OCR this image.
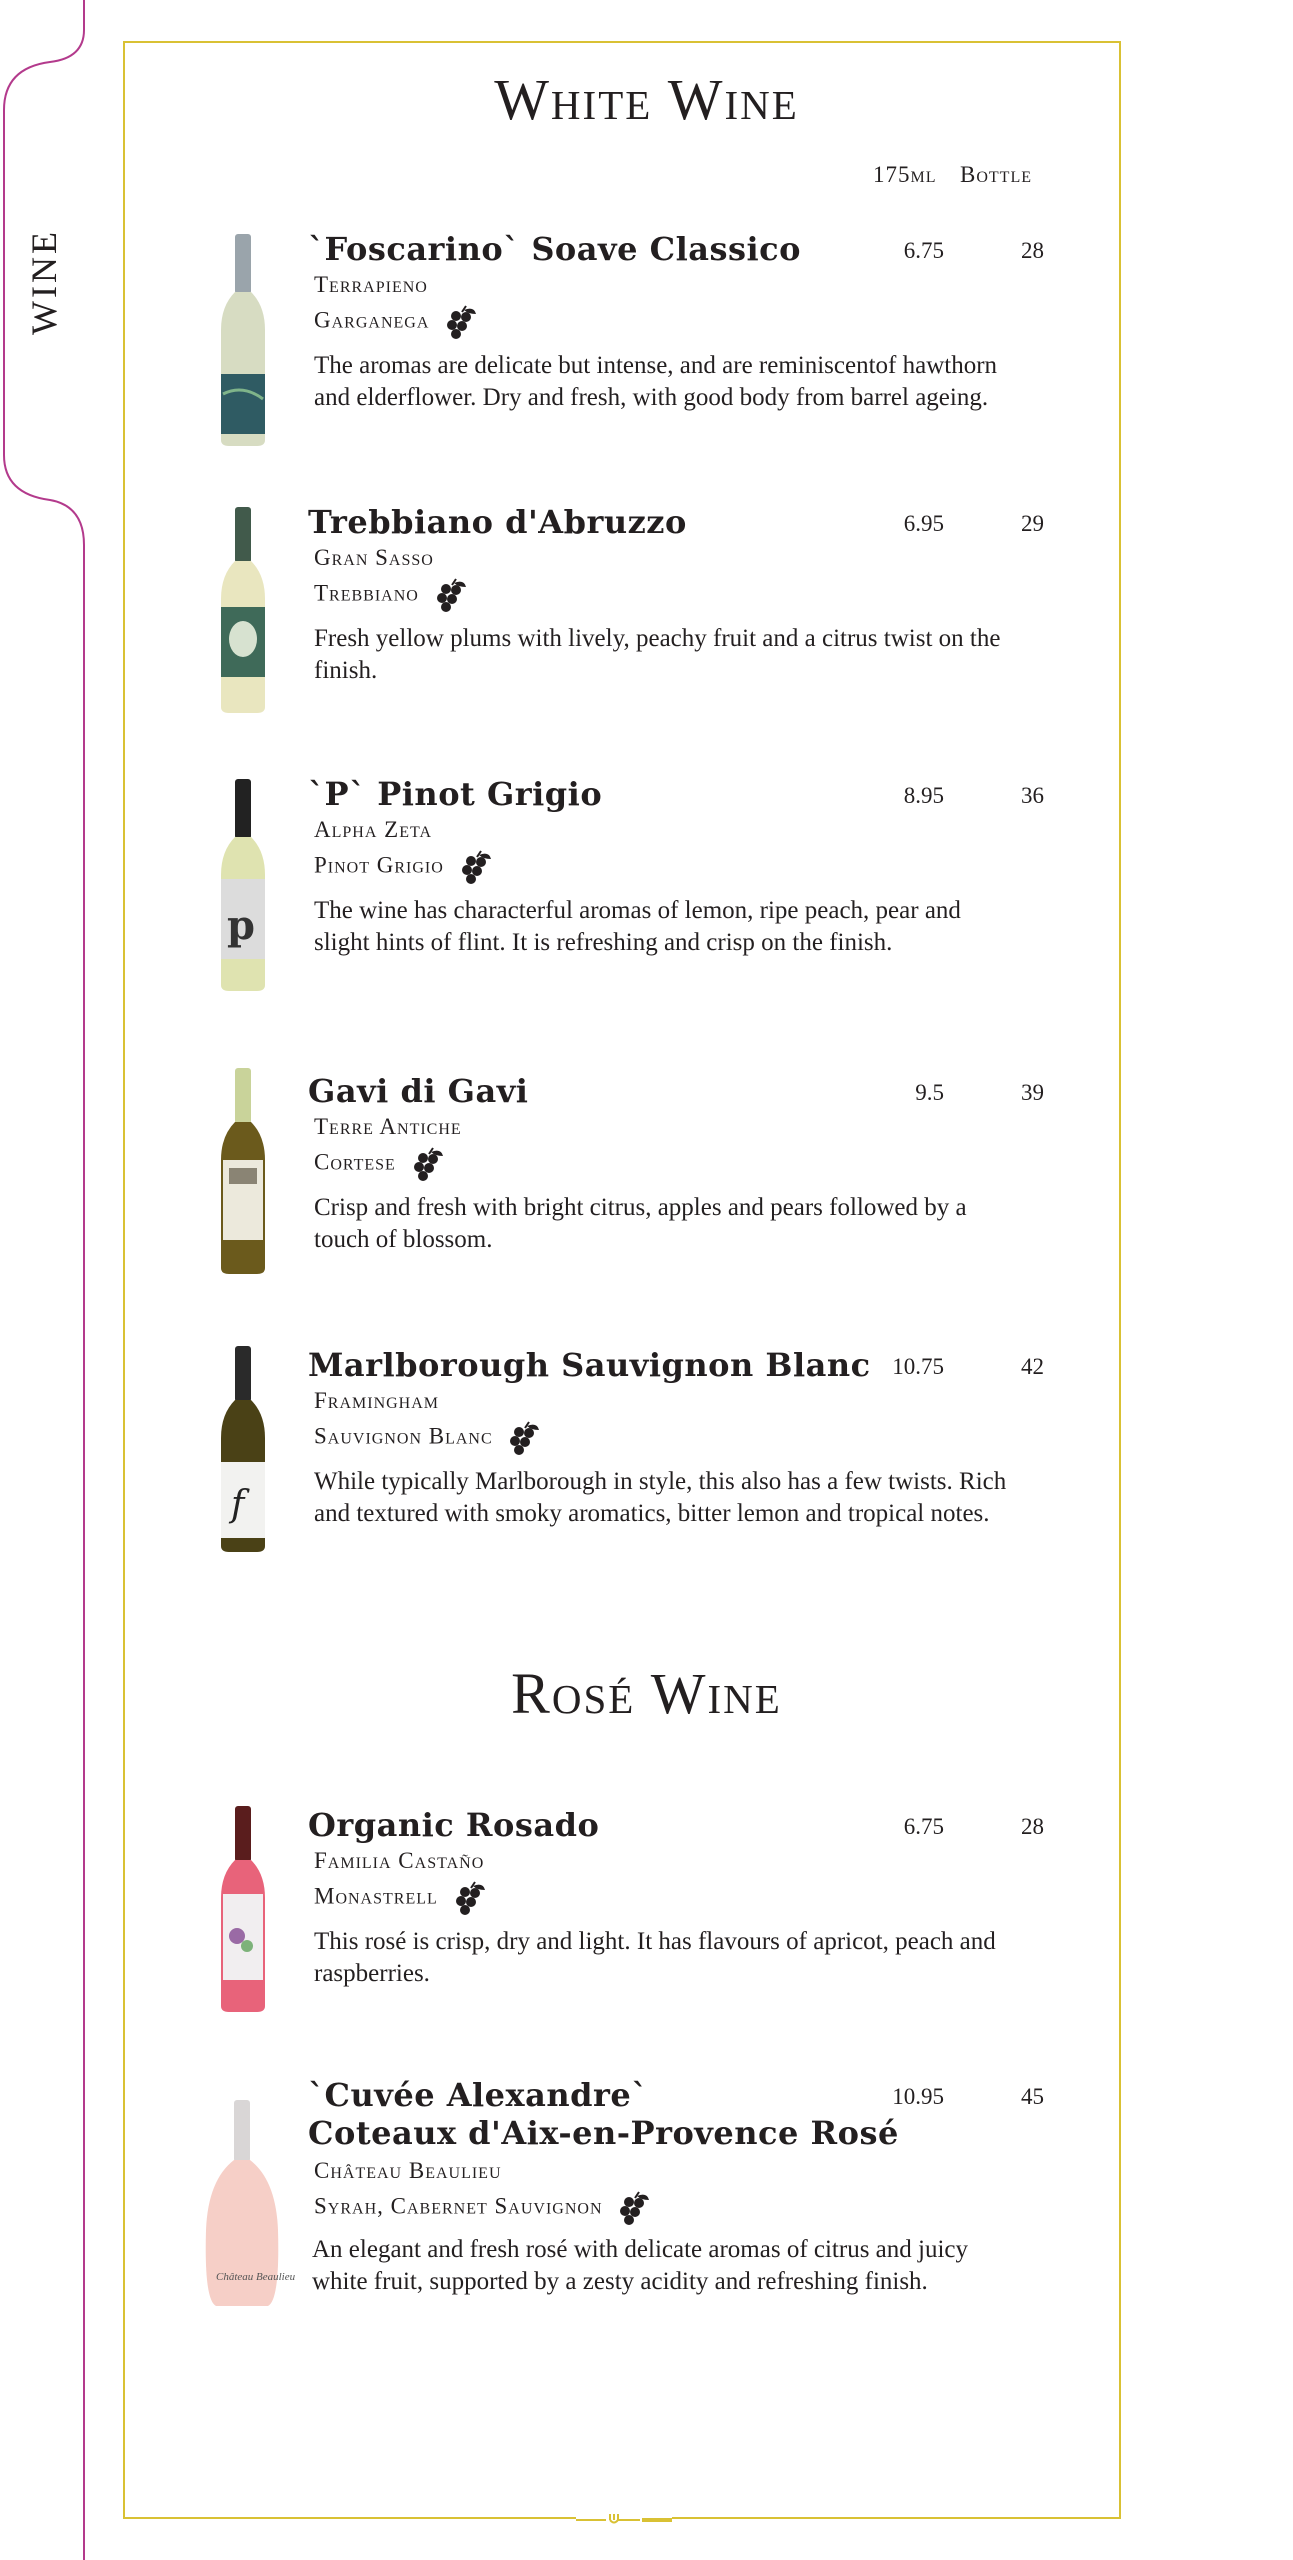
WINE
White Wine
175ml Bottle
`Foscarino` Soave Classico	6.75	28
Terrapieno
Garganega
The aromas are delicate but intense, and are reminiscentof hawthorn and elderflower. Dry and fresh, with good body from barrel ageing.
Trebbiano d'Abruzzo	6.95	29
Gran Sasso
Trebbiano
Fresh yellow plums with lively, peachy fruit and a citrus twist on the finish.
p
`P` Pinot Grigio	8.95	36
Alpha Zeta
Pinot Grigio
The wine has characterful aromas of lemon, ripe peach, pear and slight hints of flint. It is refreshing and crisp on the finish.
Gavi di Gavi	9.5	39
Terre Antiche
Cortese
Crisp and fresh with bright citrus, apples and pears followed by a touch of blossom.
f
Marlborough Sauvignon Blanc 10.75	42
Framingham
Sauvignon Blanc
While typically Marlborough in style, this also has a few twists. Rich and textured with smoky aromatics, bitter lemon and tropical notes.
Rosé Wine
Organic Rosado	6.75	28
Familia Castaño
Monastrell
This rosé is crisp, dry and light. It has flavours of apricot, peach and raspberries.
Château Beaulieu
`Cuvée Alexandre`
Coteaux d'Aix-en-Provence Rosé
10.95	45
Château Beaulieu
Syrah, Cabernet Sauvignon
An elegant and fresh rosé with delicate aromas of citrus and juicy white fruit, supported by a zesty acidity and refreshing finish.
